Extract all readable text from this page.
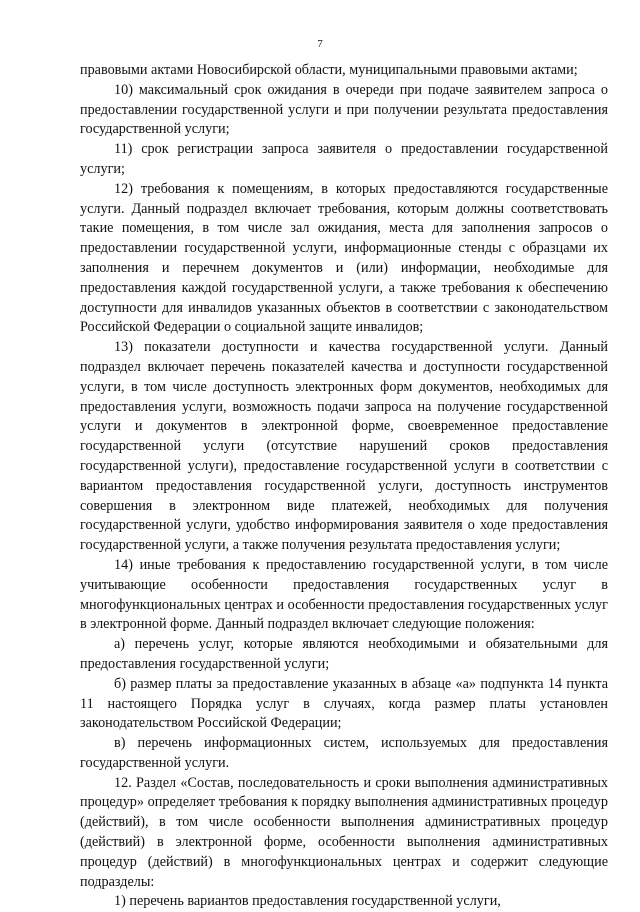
7

правовыми актами Новосибирской области, муниципальными правовыми актами;

10) максимальный срок ожидания в очереди при подаче заявителем запроса о предоставлении государственной услуги и при получении результата предоставления государственной услуги;

11) срок регистрации запроса заявителя о предоставлении государственной услуги;

12) требования к помещениям, в которых предоставляются государственные услуги. Данный подраздел включает требования, которым должны соответствовать такие помещения, в том числе зал ожидания, места для заполнения запросов о предоставлении государственной услуги, информационные стенды с образцами их заполнения и перечнем документов и (или) информации, необходимые для предоставления каждой государственной услуги, а также требования к обеспечению доступности для инвалидов указанных объектов в соответствии с законодательством Российской Федерации о социальной защите инвалидов;

13) показатели доступности и качества государственной услуги. Данный подраздел включает перечень показателей качества и доступности государственной услуги, в том числе доступность электронных форм документов, необходимых для предоставления услуги, возможность подачи запроса на получение государственной услуги и документов в электронной форме, своевременное предоставление государственной услуги (отсутствие нарушений сроков предоставления государственной услуги), предоставление государственной услуги в соответствии с вариантом предоставления государственной услуги, доступность инструментов совершения в электронном виде платежей, необходимых для получения государственной услуги, удобство информирования заявителя о ходе предоставления государственной услуги, а также получения результата предоставления услуги;

14) иные требования к предоставлению государственной услуги, в том числе учитывающие особенности предоставления государственных услуг в многофункциональных центрах и особенности предоставления государственных услуг в электронной форме. Данный подраздел включает следующие положения:

а) перечень услуг, которые являются необходимыми и обязательными для предоставления государственной услуги;

б) размер платы за предоставление указанных в абзаце «а» подпункта 14 пункта 11 настоящего Порядка услуг в случаях, когда размер платы установлен законодательством Российской Федерации;

в) перечень информационных систем, используемых для предоставления государственной услуги.

12. Раздел «Состав, последовательность и сроки выполнения административных процедур» определяет требования к порядку выполнения административных процедур (действий), в том числе особенности выполнения административных процедур (действий) в электронной форме, особенности выполнения административных процедур (действий) в многофункциональных центрах и содержит следующие подразделы:

1) перечень вариантов предоставления государственной услуги,
